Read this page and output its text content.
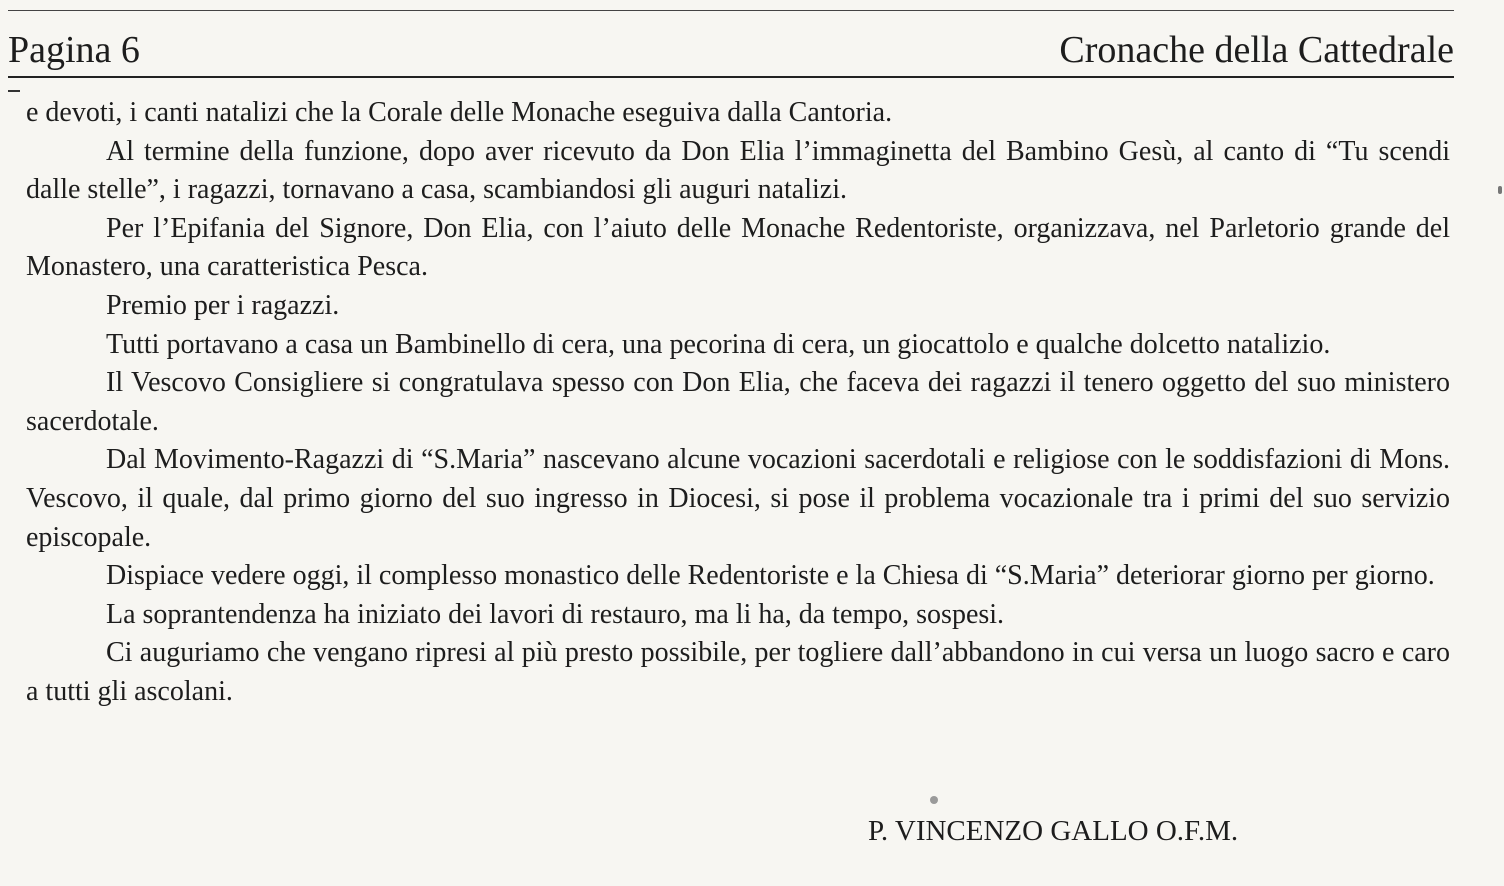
Pagina 6	Cronache della Cattedrale

e devoti, i canti natalizi che la Corale delle Monache eseguiva dalla Cantoria.

Al termine della funzione, dopo aver ricevuto da Don Elia l’immaginetta del Bambino Gesù, al canto di “Tu scendi dalle stelle”, i ragazzi, tornavano a casa, scambiandosi gli auguri natalizi.

Per l’Epifania del Signore, Don Elia, con l’aiuto delle Monache Redentoriste, organizzava, nel Parletorio grande del Monastero, una caratteristica Pesca.

Premio per i ragazzi.

Tutti portavano a casa un Bambinello di cera, una pecorina di cera, un giocattolo e qualche dolcetto natalizio.

Il Vescovo Consigliere si congratulava spesso con Don Elia, che faceva dei ragazzi il tenero oggetto del suo ministero sacerdotale.

Dal Movimento-Ragazzi di “S.Maria” nascevano alcune vocazioni sacerdotali e religiose con le soddisfazioni di Mons. Vescovo, il quale, dal primo giorno del suo ingresso in Diocesi, si pose il problema vocazionale tra i primi del suo servizio episcopale.

Dispiace vedere oggi, il complesso monastico delle Redentoriste e la Chiesa di “S.Maria” deteriorar giorno per giorno.

La soprantendenza ha iniziato dei lavori di restauro, ma li ha, da tempo, sospesi.

Ci auguriamo che vengano ripresi al più presto possibile, per togliere dall’abbandono in cui versa un luogo sacro e caro a tutti gli ascolani.

P. VINCENZO GALLO O.F.M.
